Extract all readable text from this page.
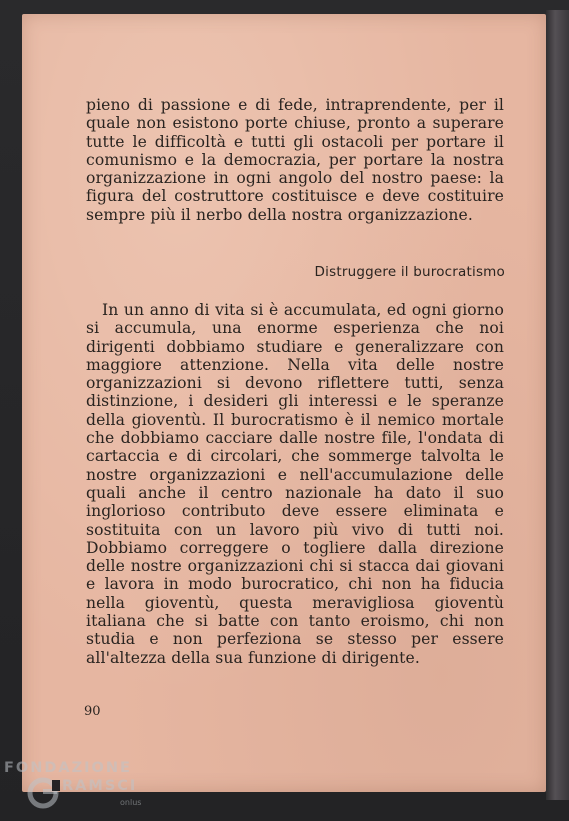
pieno di passione e di fede, intraprendente, per il quale non esistono porte chiuse, pronto a superare tutte le difficoltà e tutti gli ostacoli per portare il comunismo e la democrazia, per portare la nostra organizzazione in ogni angolo del nostro paese: la figura del costruttore costituisce e deve costituire sempre più il nerbo della nostra organizzazione.

Distruggere il burocratismo

In un anno di vita si è accumulata, ed ogni giorno si accumula, una enorme esperienza che noi dirigenti dobbiamo studiare e generalizzare con maggiore attenzione. Nella vita delle nostre organizzazioni si devono riflettere tutti, senza distinzione, i desideri gli interessi e le speranze della gioventù. Il burocratismo è il nemico mortale che dobbiamo cacciare dalle nostre file, l'ondata di cartaccia e di circolari, che sommerge talvolta le nostre organizzazioni e nell'accumulazione delle quali anche il centro nazionale ha dato il suo inglorioso contributo deve essere eliminata e sostituita con un lavoro più vivo di tutti noi. Dobbiamo correggere o togliere dalla direzione delle nostre organizzazioni chi si stacca dai giovani e lavora in modo burocratico, chi non ha fiducia nella gioventù, questa meravigliosa gioventù italiana che si batte con tanto eroismo, chi non studia e non perfeziona se stesso per essere all'altezza della sua funzione di dirigente.

90
FONDAZIONE
RAMSCI
onlus
